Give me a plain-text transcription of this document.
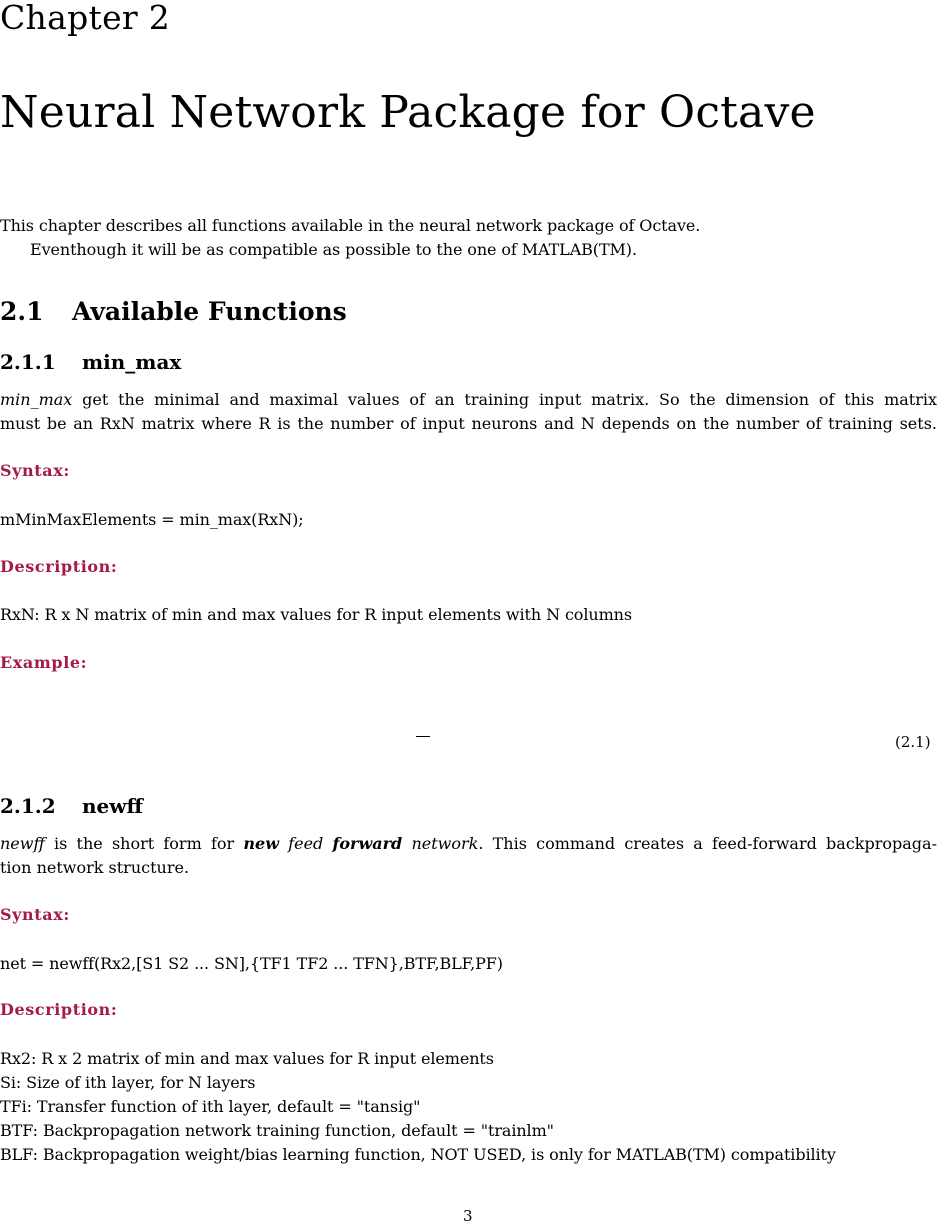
Chapter 2
Neural Network Package for Octave
This chapter describes all functions available in the neural network package of Octave.
Eventhough it will be as compatible as possible to the one of MATLAB(TM).
2.1 Available Functions
2.1.1 min_max
min_max get the minimal and maximal values of an training input matrix. So the dimension of this matrix
must be an RxN matrix where R is the number of input neurons and N depends on the number of training sets.
Syntax:
mMinMaxElements = min_max(RxN);
Description:
RxN: R x N matrix of min and max values for R input elements with N columns
Example:
(2.1)
2.1.2 newff
newff is the short form for new feed forward network. This command creates a feed-forward backpropaga-
tion network structure.
Syntax:
net = newff(Rx2,[S1 S2 ... SN],{TF1 TF2 ... TFN},BTF,BLF,PF)
Description:
Rx2: R x 2 matrix of min and max values for R input elements
Si: Size of ith layer, for N layers
TFi: Transfer function of ith layer, default = "tansig"
BTF: Backpropagation network training function, default = "trainlm"
BLF: Backpropagation weight/bias learning function, NOT USED, is only for MATLAB(TM) compatibility
3
